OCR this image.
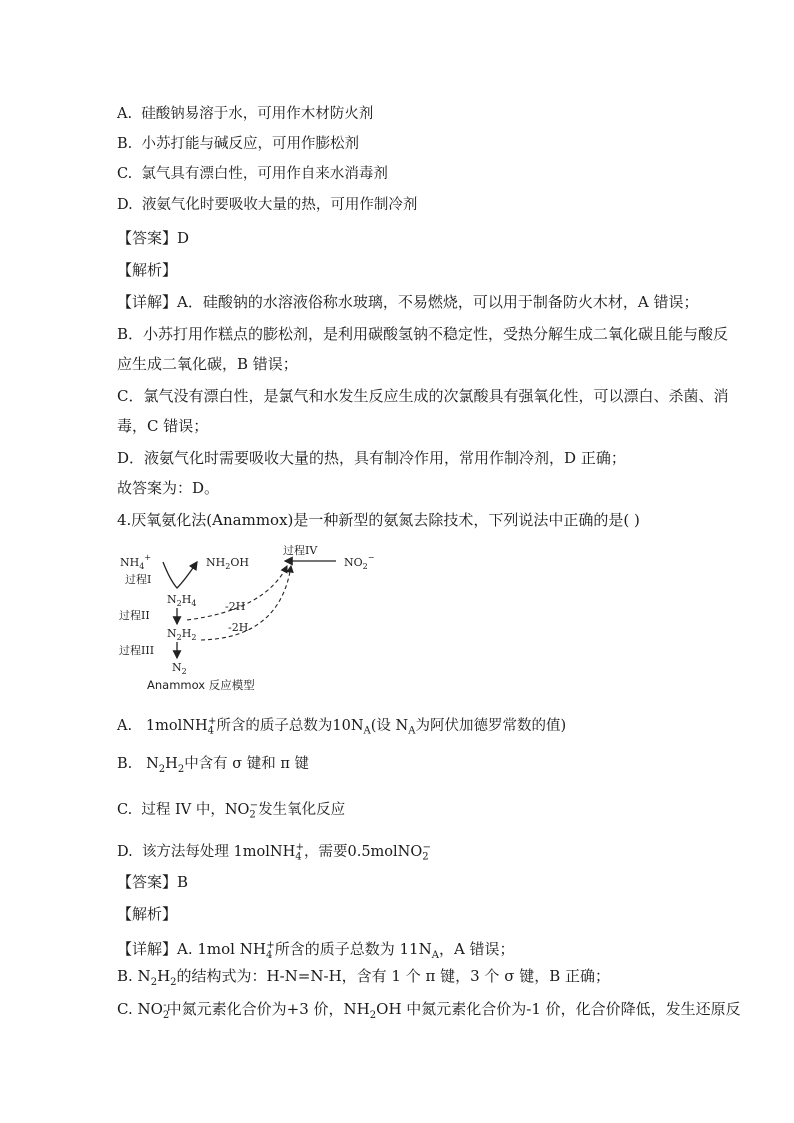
A. 硅酸钠易溶于水，可用作木材防火剂
B. 小苏打能与碱反应，可用作膨松剂
C. 氯气具有漂白性，可用作自来水消毒剂
D. 液氨气化时要吸收大量的热，可用作制冷剂
【答案】D
【解析】
【详解】A．硅酸钠的水溶液俗称水玻璃，不易燃烧，可以用于制备防火木材，A 错误；
B．小苏打用作糕点的膨松剂，是利用碳酸氢钠不稳定性，受热分解生成二氧化碳且能与酸反
应生成二氧化碳，B 错误；
C．氯气没有漂白性，是氯气和水发生反应生成的次氯酸具有强氧化性，可以漂白、杀菌、消
毒，C 错误；
D．液氨气化时需要吸收大量的热，具有制冷作用，常用作制冷剂，D 正确；
故答案为：D。
4.厌氧氨化法(Anammox)是一种新型的氨氮去除技术，下列说法中正确的是( )
$NH_4^+$	$NH_2OH$
过程IV
$NO_2^-$
过程I
$N_2H_4$	-2H
过程II
$N_2H_2$
-2H
过程III
$N_2$
Anammox 反应模型
A. 1molNH$_4$+所含的质子总数为$10N_A$(设 $N_A$为阿伏加德罗常数的值)
B. $N_2H_2$中含有 σ 键和 π 键
C. 过程 IV 中，$NO_2^-$发生氧化反应
D. 该方法每处理 1molNH$_4$+，需要0.5molNO$_2$−
【答案】B
【解析】
【详解】A. 1mol $NH_4^+$所含的质子总数为 $11N_A$，A 错误；
B. $N_2H_2$的结构式为：H-N=N-H，含有 1 个 π 键，3 个 σ 键，B 正确；
C. $NO_2^-$中氮元素化合价为+3 价，$NH_2OH$ 中氮元素化合价为-1 价，化合价降低，发生还原反
